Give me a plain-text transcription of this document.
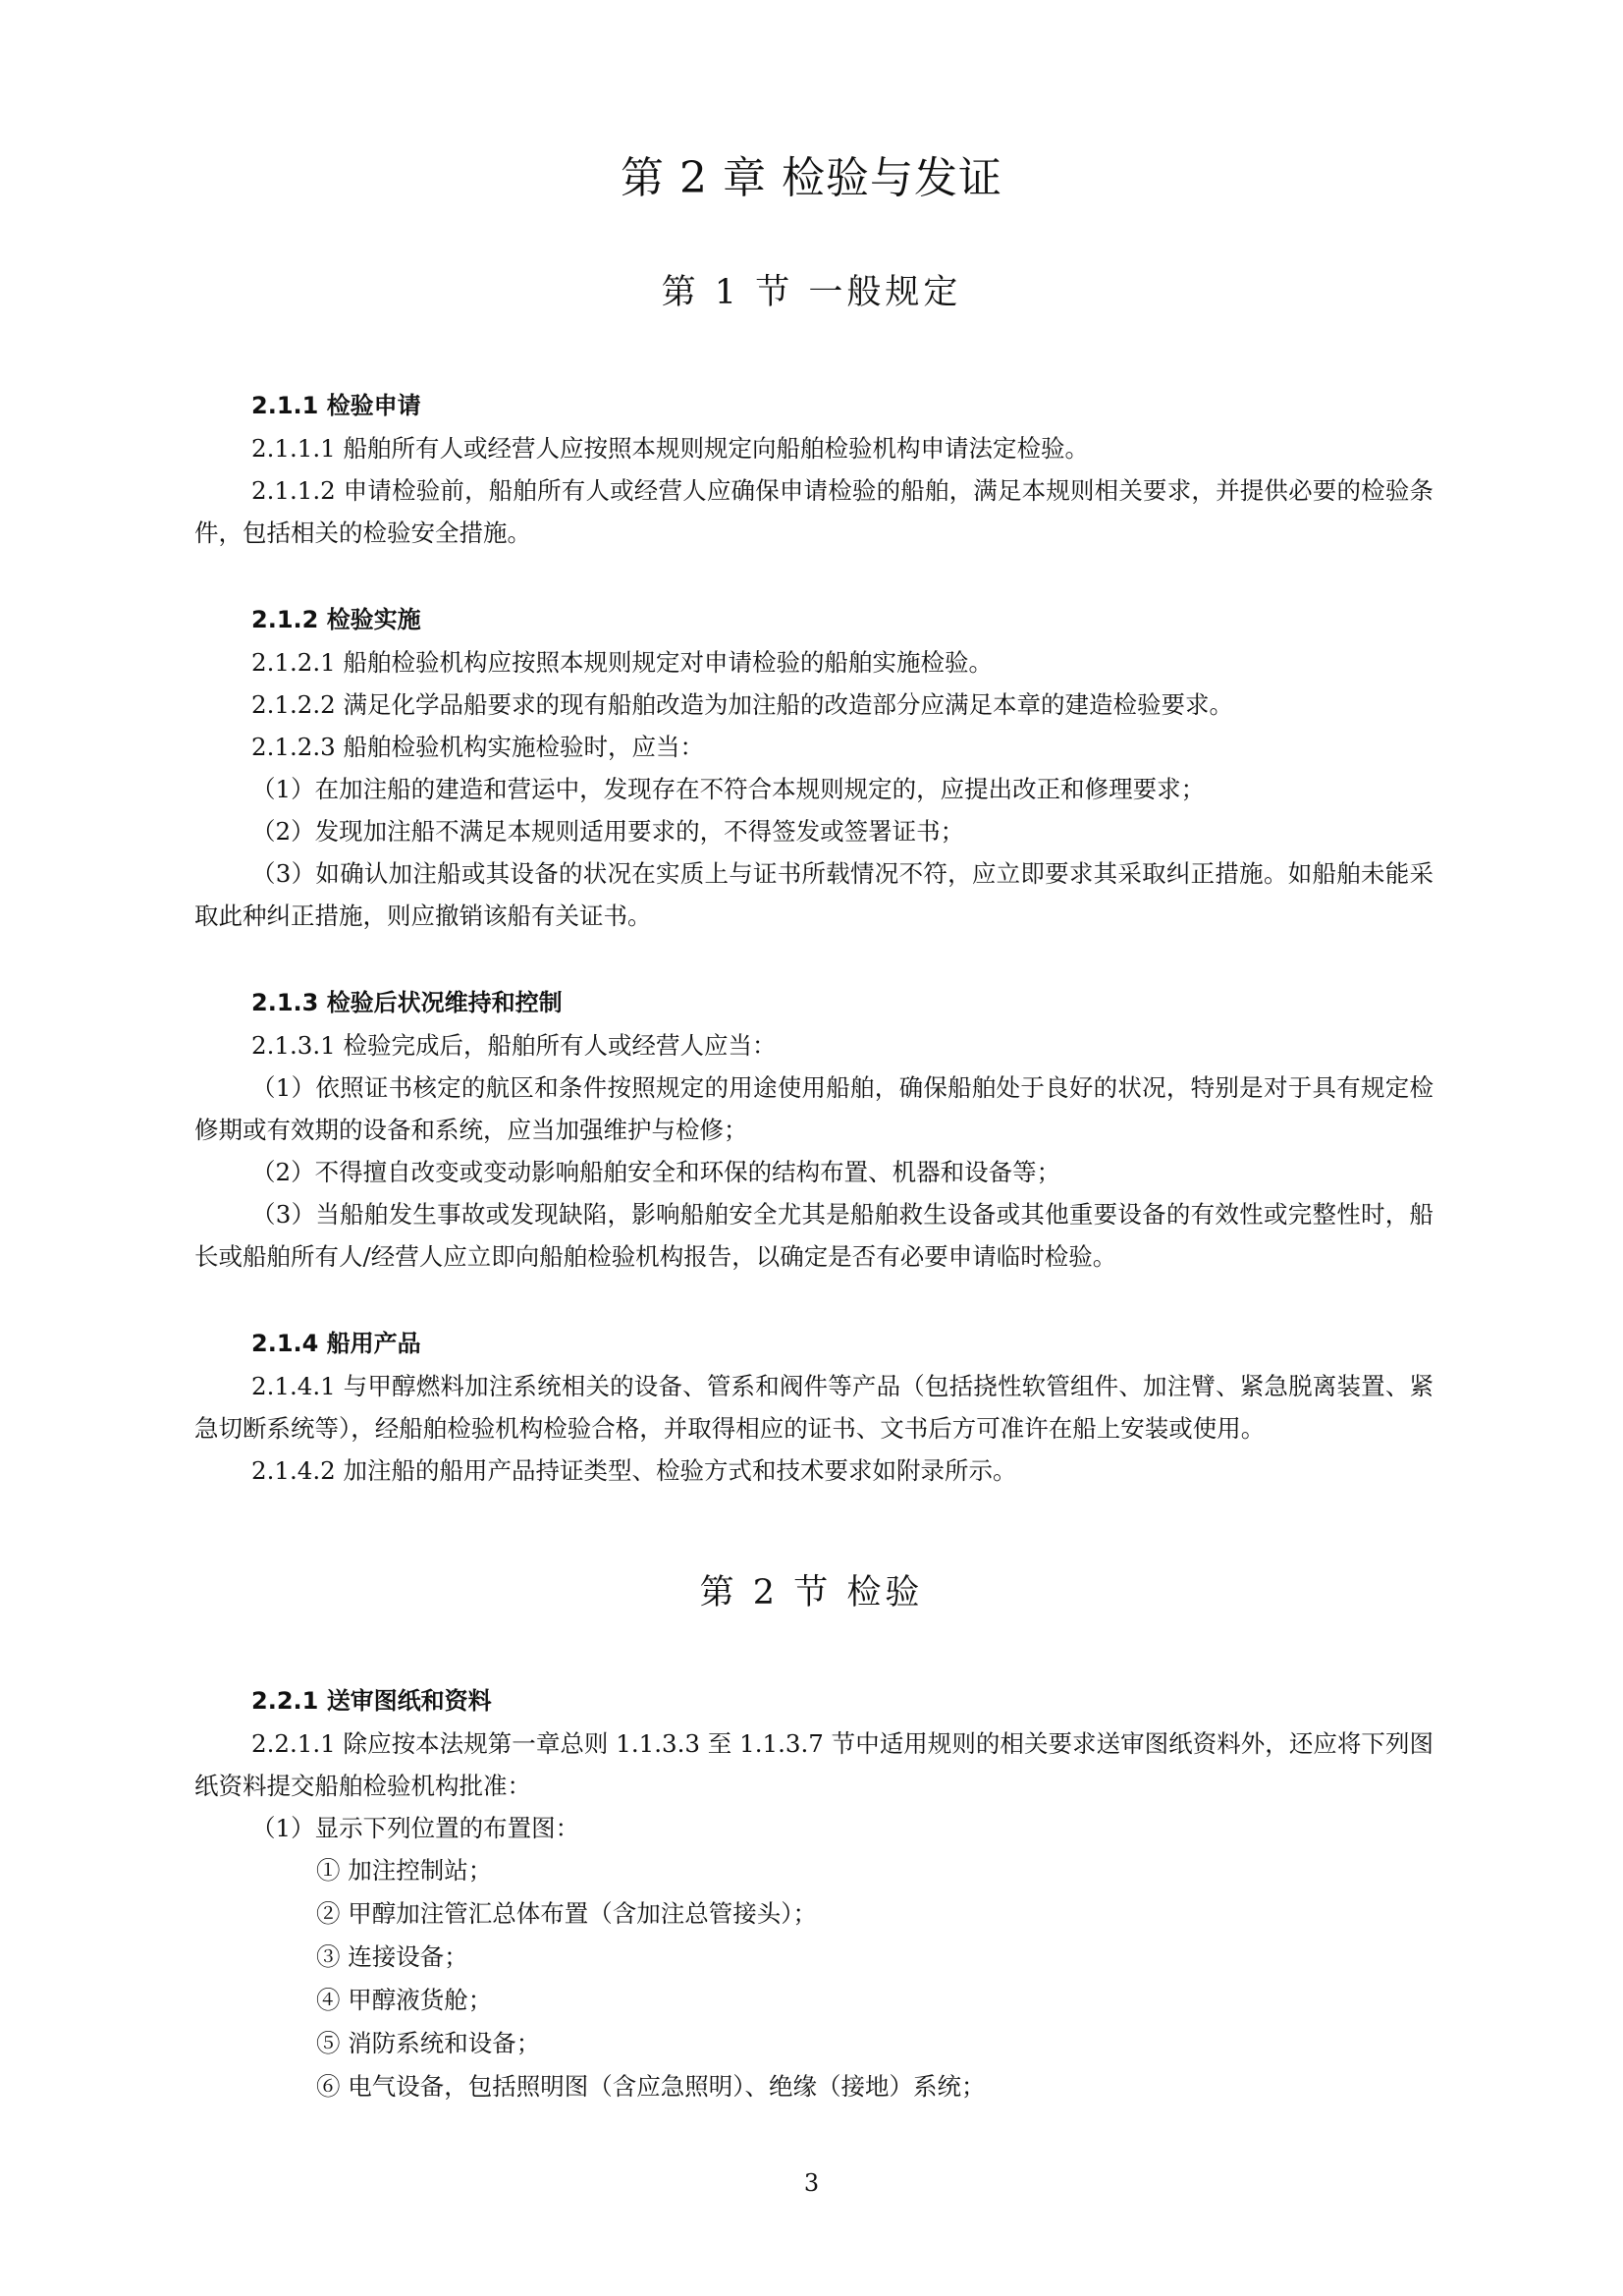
第 2 章 检验与发证
第 1 节 一般规定

2.1.1 检验申请

2.1.1.1 船舶所有人或经营人应按照本规则规定向船舶检验机构申请法定检验。

2.1.1.2 申请检验前，船舶所有人或经营人应确保申请检验的船舶，满足本规则相关要求，并提供必要的检验条件，包括相关的检验安全措施。

2.1.2 检验实施

2.1.2.1 船舶检验机构应按照本规则规定对申请检验的船舶实施检验。

2.1.2.2 满足化学品船要求的现有船舶改造为加注船的改造部分应满足本章的建造检验要求。

2.1.2.3 船舶检验机构实施检验时，应当：

（1）在加注船的建造和营运中，发现存在不符合本规则规定的，应提出改正和修理要求；

（2）发现加注船不满足本规则适用要求的，不得签发或签署证书；

（3）如确认加注船或其设备的状况在实质上与证书所载情况不符，应立即要求其采取纠正措施。如船舶未能采取此种纠正措施，则应撤销该船有关证书。

2.1.3 检验后状况维持和控制

2.1.3.1 检验完成后，船舶所有人或经营人应当：

（1）依照证书核定的航区和条件按照规定的用途使用船舶，确保船舶处于良好的状况，特别是对于具有规定检修期或有效期的设备和系统，应当加强维护与检修；

（2）不得擅自改变或变动影响船舶安全和环保的结构布置、机器和设备等；

（3）当船舶发生事故或发现缺陷，影响船舶安全尤其是船舶救生设备或其他重要设备的有效性或完整性时，船长或船舶所有人/经营人应立即向船舶检验机构报告，以确定是否有必要申请临时检验。

2.1.4 船用产品

2.1.4.1 与甲醇燃料加注系统相关的设备、管系和阀件等产品（包括挠性软管组件、加注臂、紧急脱离装置、紧急切断系统等），经船舶检验机构检验合格，并取得相应的证书、文书后方可准许在船上安装或使用。

2.1.4.2 加注船的船用产品持证类型、检验方式和技术要求如附录所示。

第 2 节 检验

2.2.1 送审图纸和资料

2.2.1.1 除应按本法规第一章总则 1.1.3.3 至 1.1.3.7 节中适用规则的相关要求送审图纸资料外，还应将下列图纸资料提交船舶检验机构批准：

（1）显示下列位置的布置图：

① 加注控制站；

② 甲醇加注管汇总体布置（含加注总管接头）；

③ 连接设备；

④ 甲醇液货舱；

⑤ 消防系统和设备；

⑥ 电气设备，包括照明图（含应急照明）、绝缘（接地）系统；

3
